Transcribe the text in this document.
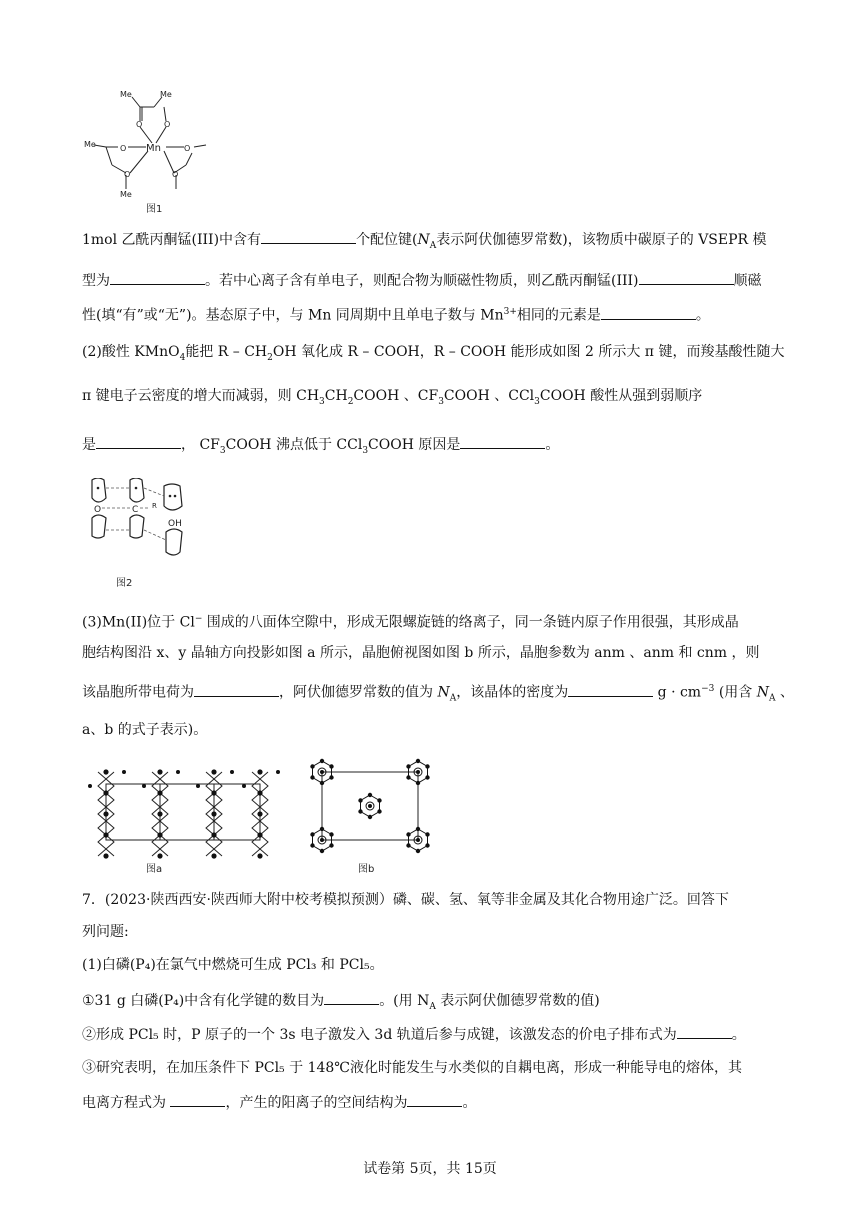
Me	Me
Me
Me
Mn
O	O
O	O
O	O
图1
1mol 乙酰丙酮锰(III)中含有	个配位键($N_A$表示阿伏伽德罗常数)，该物质中碳原子的 VSEPR 模
型为	。若中心离子含有单电子，则配合物为顺磁性物质，则乙酰丙酮锰(III)	顺磁
性(填“有”或“无”)。基态原子中，与 Mn 同周期中且单电子数与 $Mn^{3+}$相同的元素是	。
(2)酸性 KMnO$_4$能把 R – $CH_2OH$ 氧化成 R – COOH，R – COOH 能形成如图 2 所示大 π 键，而羧基酸性随大
π 键电子云密度的增大而减弱，则 $CH_3CH_2COOH$ 、$CF_3COOH$ 、CCl$_3$COOH 酸性从强到弱顺序
是	， $CF_3COOH$ 沸点低于 CCl$_3$COOH 原因是	。
O	C R
OH
图2
(3)Mn(II)位于 Cl− 围成的八面体空隙中，形成无限螺旋链的络离子，同一条链内原子作用很强，其形成晶
胞结构图沿 x、y 晶轴方向投影如图 a 所示，晶胞俯视图如图 b 所示，晶胞参数为 anm 、anm 和 cnm ，则
该晶胞所带电荷为	，阿伏伽德罗常数的值为 $N_A$，该晶体的密度为	$g \cdot cm^{-3}$ (用含 $N_A$ 、
a、b 的式子表示)。
图a	图b
7．(2023·陕西西安·陕西师大附中校考模拟预测）磷、碳、氢、氧等非金属及其化合物用途广泛。回答下
列问题:
(1)白磷(P₄)在氯气中燃烧可生成 PCl₃ 和 PCl₅。
①31 g 白磷(P₄)中含有化学键的数目为	。(用 $N_A$ 表示阿伏伽德罗常数的值)
②形成 PCl₅ 时，P 原子的一个 3s 电子激发入 3d 轨道后参与成键，该激发态的价电子排布式为	。
③研究表明，在加压条件下 PCl₅ 于 148℃液化时能发生与水类似的自耦电离，形成一种能导电的熔体，其
电离方程式为	，产生的阳离子的空间结构为	。
试卷第 5页，共 15页
